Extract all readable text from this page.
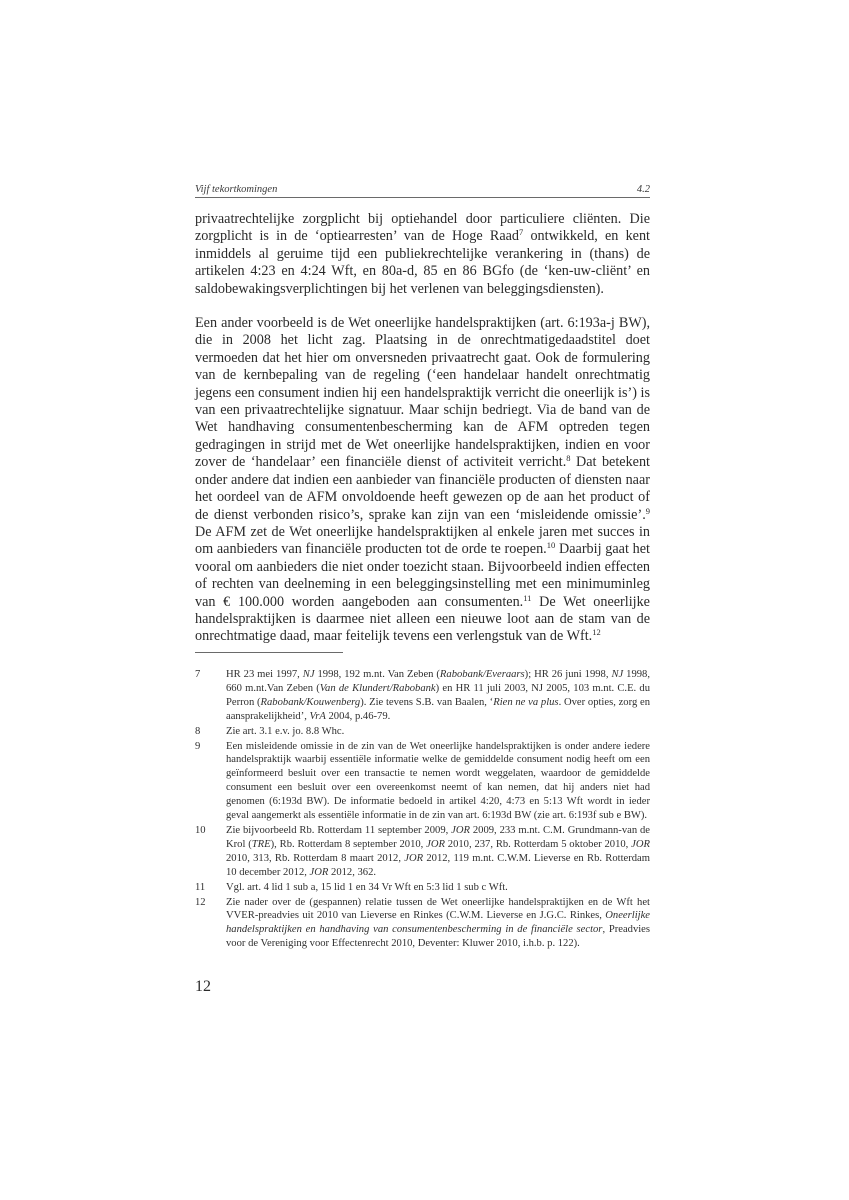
Vijf tekortkomingen	4.2

privaatrechtelijke zorgplicht bij optiehandel door particuliere cliënten. Die zorgplicht is in de ‘optiearresten’ van de Hoge Raad$^7$ ontwikkeld, en kent inmiddels al geruime tijd een publiekrechtelijke verankering in (thans) de artikelen 4:23 en 4:24 Wft, en 80a-d, 85 en 86 BGfo (de ‘ken-uw-cliënt’ en saldobewakingsverplichtingen bij het verlenen van beleggingsdiensten).

Een ander voorbeeld is de Wet oneerlijke handelspraktijken (art. 6:193a-j BW), die in 2008 het licht zag. Plaatsing in de onrechtmatigedaadstitel doet vermoeden dat het hier om onversneden privaatrecht gaat. Ook de formulering van de kernbepaling van de regeling (‘een handelaar handelt onrechtmatig jegens een consument indien hij een handelspraktijk verricht die oneerlijk is’) is van een privaatrechtelijke signatuur. Maar schijn bedriegt. Via de band van de Wet handhaving consumentenbescherming kan de AFM optreden tegen gedragingen in strijd met de Wet oneerlijke handelspraktijken, indien en voor zover de ‘handelaar’ een financiële dienst of activiteit verricht.$^8$ Dat betekent onder andere dat indien een aanbieder van financiële producten of diensten naar het oordeel van de AFM onvoldoende heeft gewezen op de aan het product of de dienst verbonden risico’s, sprake kan zijn van een ‘misleidende omissie’.$^9$ De AFM zet de Wet oneerlijke handelspraktijken al enkele jaren met succes in om aanbieders van financiële producten tot de orde te roepen.$^{10}$ Daarbij gaat het vooral om aanbieders die niet onder toezicht staan. Bijvoorbeeld indien effecten of rechten van deelneming in een beleggingsinstelling met een minimuminleg van € 100.000 worden aangeboden aan consumenten.$^{11}$ De Wet oneerlijke handelspraktijken is daarmee niet alleen een nieuwe loot aan de stam van de onrechtmatige daad, maar feitelijk tevens een verlengstuk van de Wft.$^{12}$

7	HR 23 mei 1997, NJ 1998, 192 m.nt. Van Zeben (Rabobank/Everaars); HR 26 juni 1998, NJ 1998, 660 m.nt.Van Zeben (Van de Klundert/Rabobank) en HR 11 juli 2003, NJ 2005, 103 m.nt. C.E. du Perron (Rabobank/Kouwenberg). Zie tevens S.B. van Baalen, ‘Rien ne va plus. Over opties, zorg en aansprakelijkheid’, VrA 2004, p.46-79.
8	Zie art. 3.1 e.v. jo. 8.8 Whc.
9	Een misleidende omissie in de zin van de Wet oneerlijke handelspraktijken is onder andere iedere handelspraktijk waarbij essentiële informatie welke de gemiddelde consument nodig heeft om een geïnformeerd besluit over een transactie te nemen wordt weggelaten, waardoor de gemiddelde consument een besluit over een overeenkomst neemt of kan nemen, dat hij anders niet had genomen (6:193d BW). De informatie bedoeld in artikel 4:20, 4:73 en 5:13 Wft wordt in ieder geval aangemerkt als essentiële informatie in de zin van art. 6:193d BW (zie art. 6:193f sub e BW).
10	Zie bijvoorbeeld Rb. Rotterdam 11 september 2009, JOR 2009, 233 m.nt. C.M. Grundmann-van de Krol (TRE), Rb. Rotterdam 8 september 2010, JOR 2010, 237, Rb. Rotterdam 5 oktober 2010, JOR 2010, 313, Rb. Rotterdam 8 maart 2012, JOR 2012, 119 m.nt. C.W.M. Lieverse en Rb. Rotterdam 10 december 2012, JOR 2012, 362.
11	Vgl. art. 4 lid 1 sub a, 15 lid 1 en 34 Vr Wft en 5:3 lid 1 sub c Wft.
12	Zie nader over de (gespannen) relatie tussen de Wet oneerlijke handelspraktijken en de Wft het VVER-preadvies uit 2010 van Lieverse en Rinkes (C.W.M. Lieverse en J.G.C. Rinkes, Oneerlijke handelspraktijken en handhaving van consumentenbescherming in de financiële sector, Preadvies voor de Vereniging voor Effectenrecht 2010, Deventer: Kluwer 2010, i.h.b. p. 122).
12
